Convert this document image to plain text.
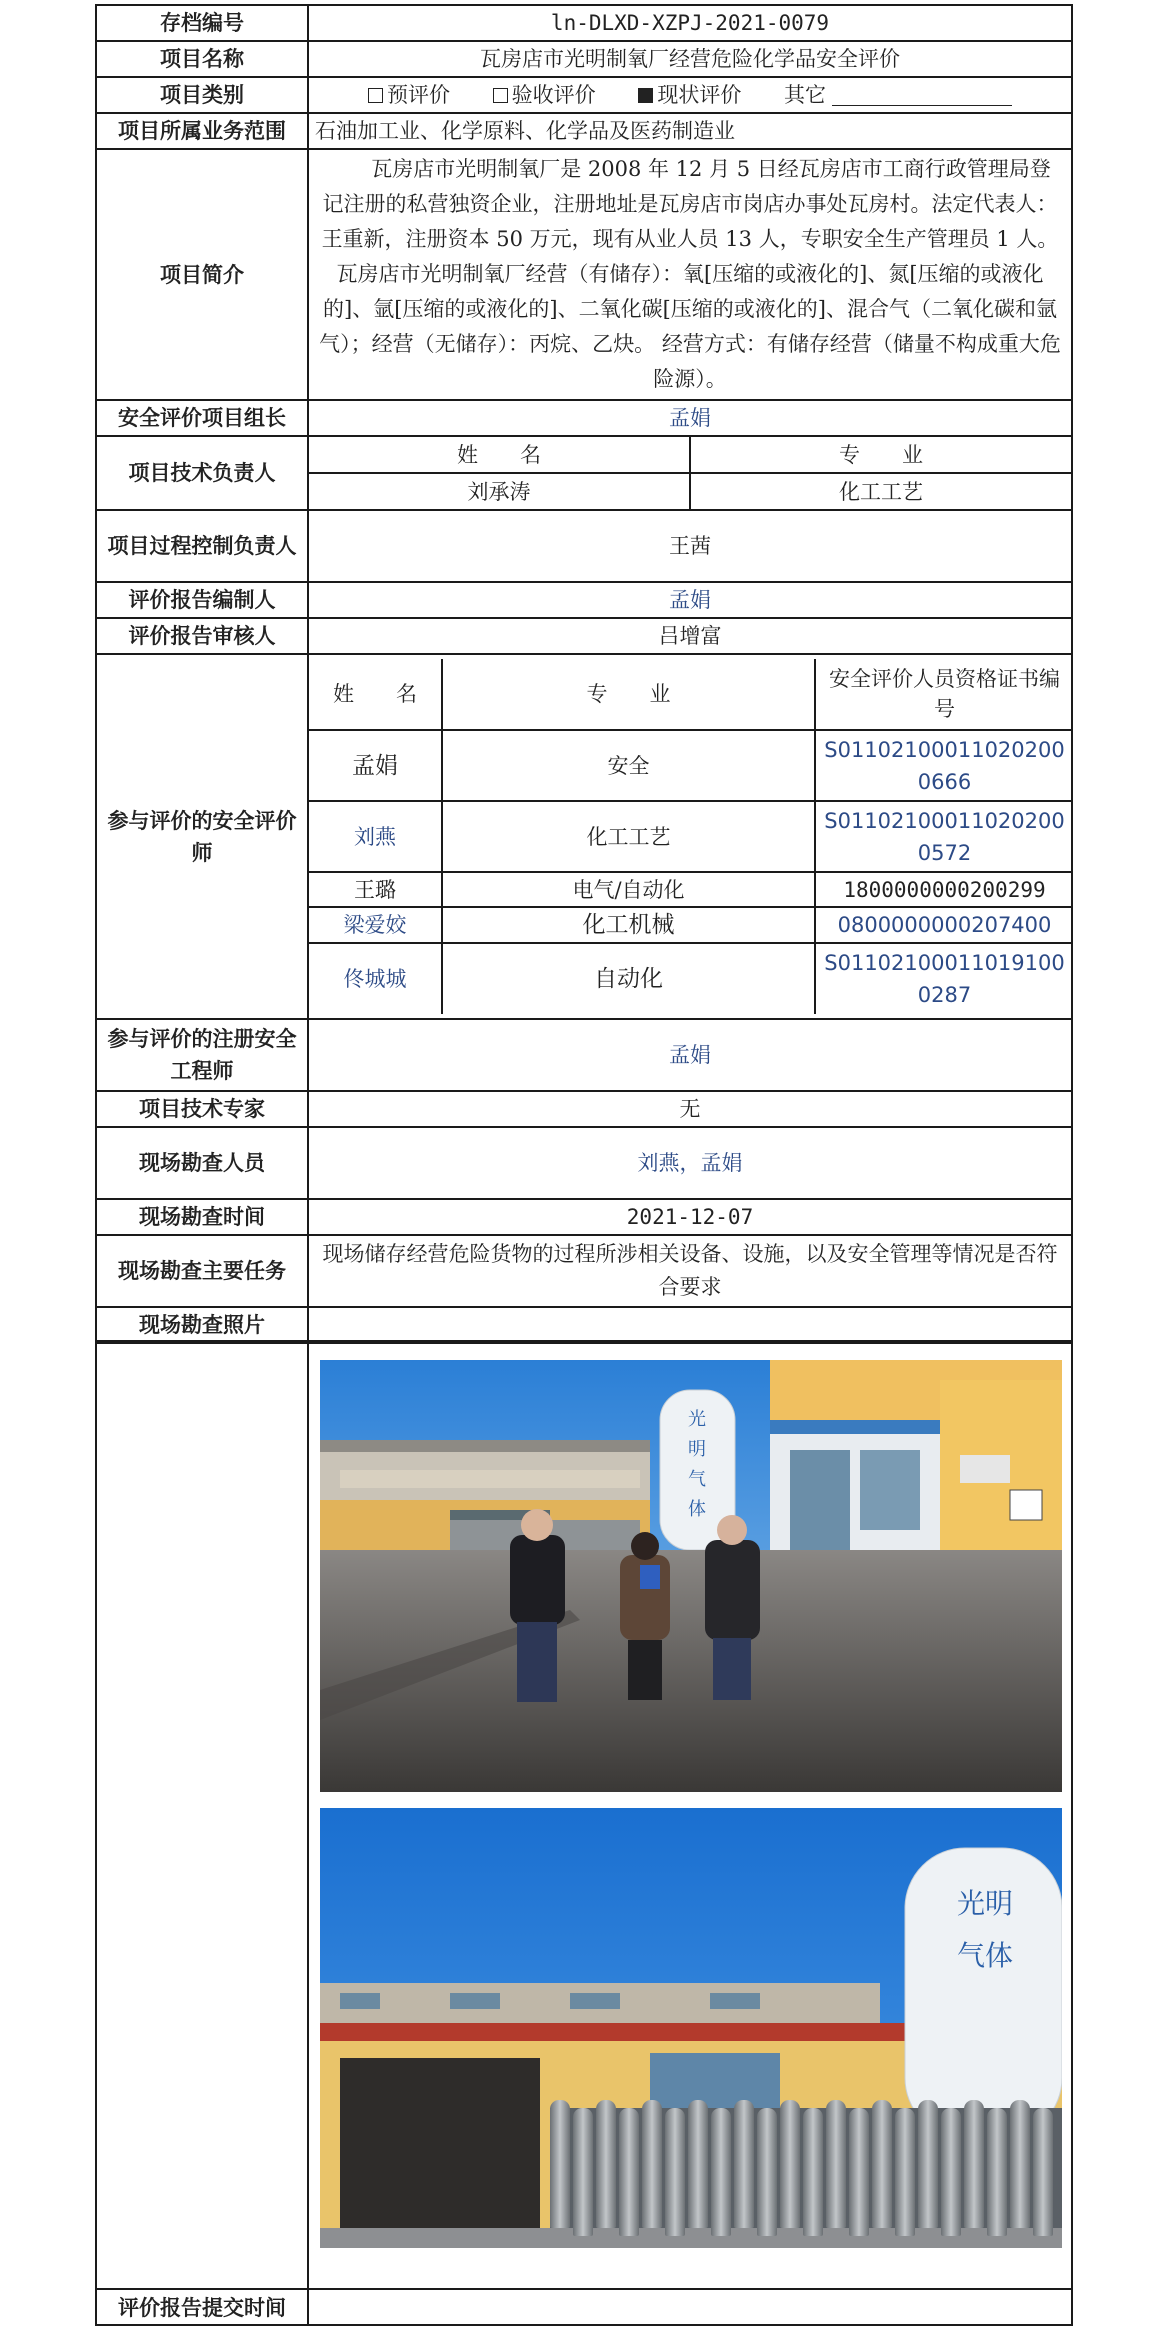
存档编号	ln-DLXD-XZPJ-2021-0079
项目名称	瓦房店市光明制氧厂经营危险化学品安全评价
项目类别	预评价	验收评价	现状评价 其它
项目所属业务范围	石油加工业、化学原料、化学品及医药制造业
项目简介	瓦房店市光明制氧厂是 2008 年 12 月 5 日经瓦房店市工商行政管理局登记注册的私营独资企业，注册地址是瓦房店市岗店办事处瓦房村。法定代表人：王重新，注册资本 50 万元，现有从业人员 13 人，专职安全生产管理员 1 人。瓦房店市光明制氧厂经营（有储存）：氧[压缩的或液化的]、氮[压缩的或液化的]、氩[压缩的或液化的]、二氧化碳[压缩的或液化的]、混合气（二氧化碳和氩气）；经营（无储存）：丙烷、乙炔。 经营方式：有储存经营（储量不构成重大危险源）。
安全评价项目组长	孟娟
项目技术负责人	
姓　　名	专　　业
刘承涛	化工工艺

项目过程控制负责人	王茜
评价报告编制人	孟娟
评价报告审核人	吕增富
参与评价的安全评价师	
姓　　名	专　　业	安全评价人员资格证书编号
孟娟	安全	S011021000110202000666
刘燕	化工工艺	S011021000110202000572
王璐	电气/自动化	1800000000200299
梁爱姣	化工机械	0800000000207400
佟城城	自动化	S011021000110191000287

参与评价的注册安全工程师	孟娟
项目技术专家	无
现场勘查人员	刘燕，孟娟
现场勘查时间	2021-12-07
现场勘查主要任务	现场储存经营危险货物的过程所涉相关设备、设施，以及安全管理等情况是否符合要求
现场勘查照片	

评价报告提交时间	
光明气体
光明气体
